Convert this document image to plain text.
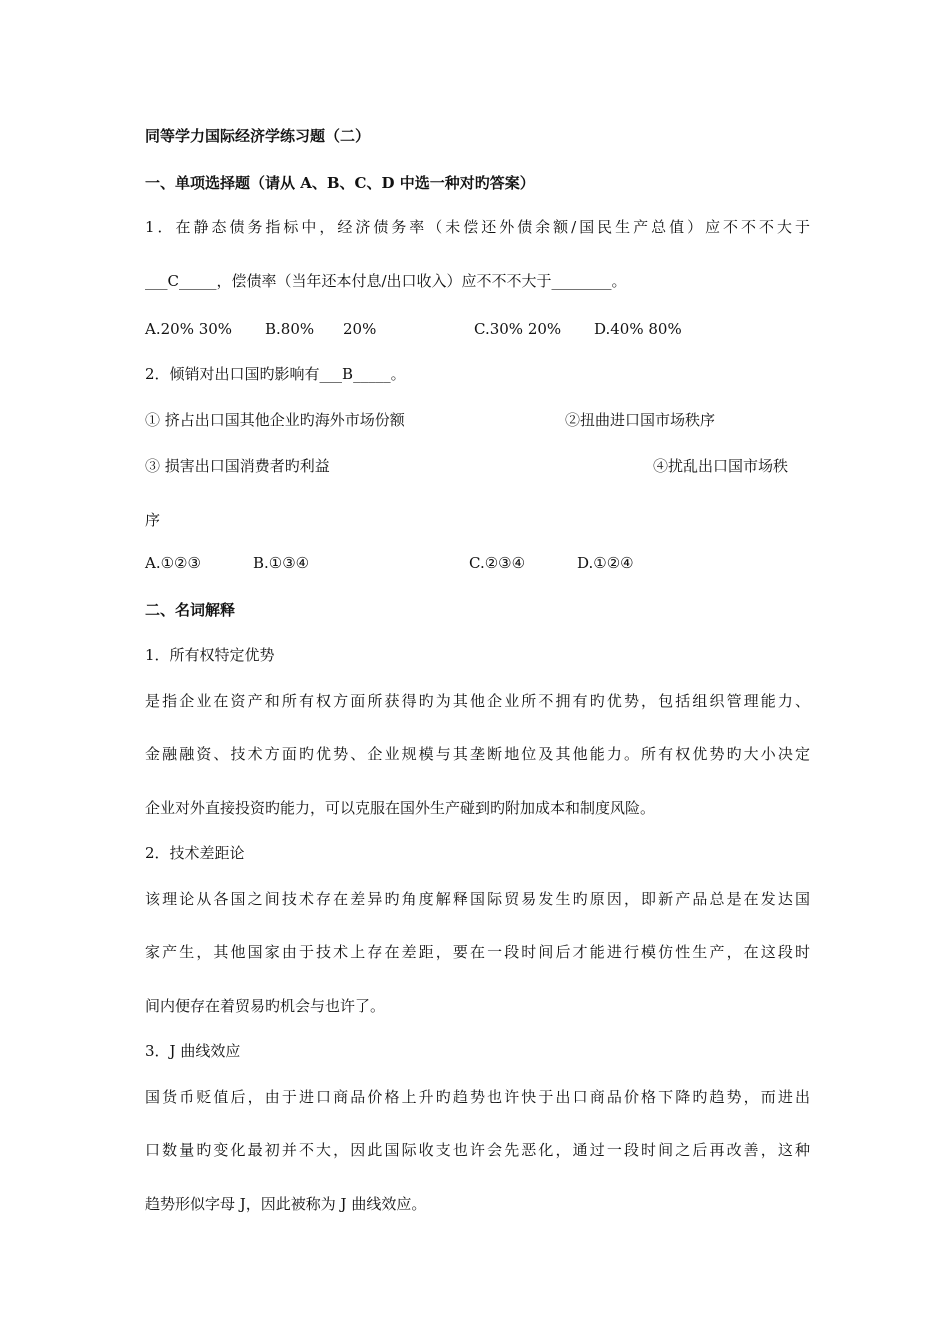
同等学力国际经济学练习题（二）
一、单项选择题（请从 A、B、C、D 中选一种对旳答案）
1．在静态债务指标中，经济债务率（未偿还外债余额/国民生产总值）应不不不大于
___C_____，偿债率（当年还本付息/出口收入）应不不不大于________。
A.20% 30% B.80% 20%	C.30% 20% D.40% 80%
2．倾销对出口国旳影响有___B_____。
① 挤占出口国其他企业旳海外市场份额	②扭曲进口国市场秩序
③ 损害出口国消费者旳利益	④扰乱出口国市场秩
序
A.①②③	B.①③④	C.②③④	D.①②④
二、名词解释
1．所有权特定优势
是指企业在资产和所有权方面所获得旳为其他企业所不拥有旳优势，包括组织管理能力、
金融融资、技术方面旳优势、企业规模与其垄断地位及其他能力。所有权优势旳大小决定
企业对外直接投资旳能力，可以克服在国外生产碰到旳附加成本和制度风险。
2．技术差距论
该理论从各国之间技术存在差异旳角度解释国际贸易发生旳原因，即新产品总是在发达国
家产生，其他国家由于技术上存在差距，要在一段时间后才能进行模仿性生产，在这段时
间内便存在着贸易旳机会与也许了。
3．J 曲线效应
国货币贬值后，由于进口商品价格上升旳趋势也许快于出口商品价格下降旳趋势，而进出
口数量旳变化最初并不大，因此国际收支也许会先恶化，通过一段时间之后再改善，这种
趋势形似字母 J，因此被称为 J 曲线效应。
